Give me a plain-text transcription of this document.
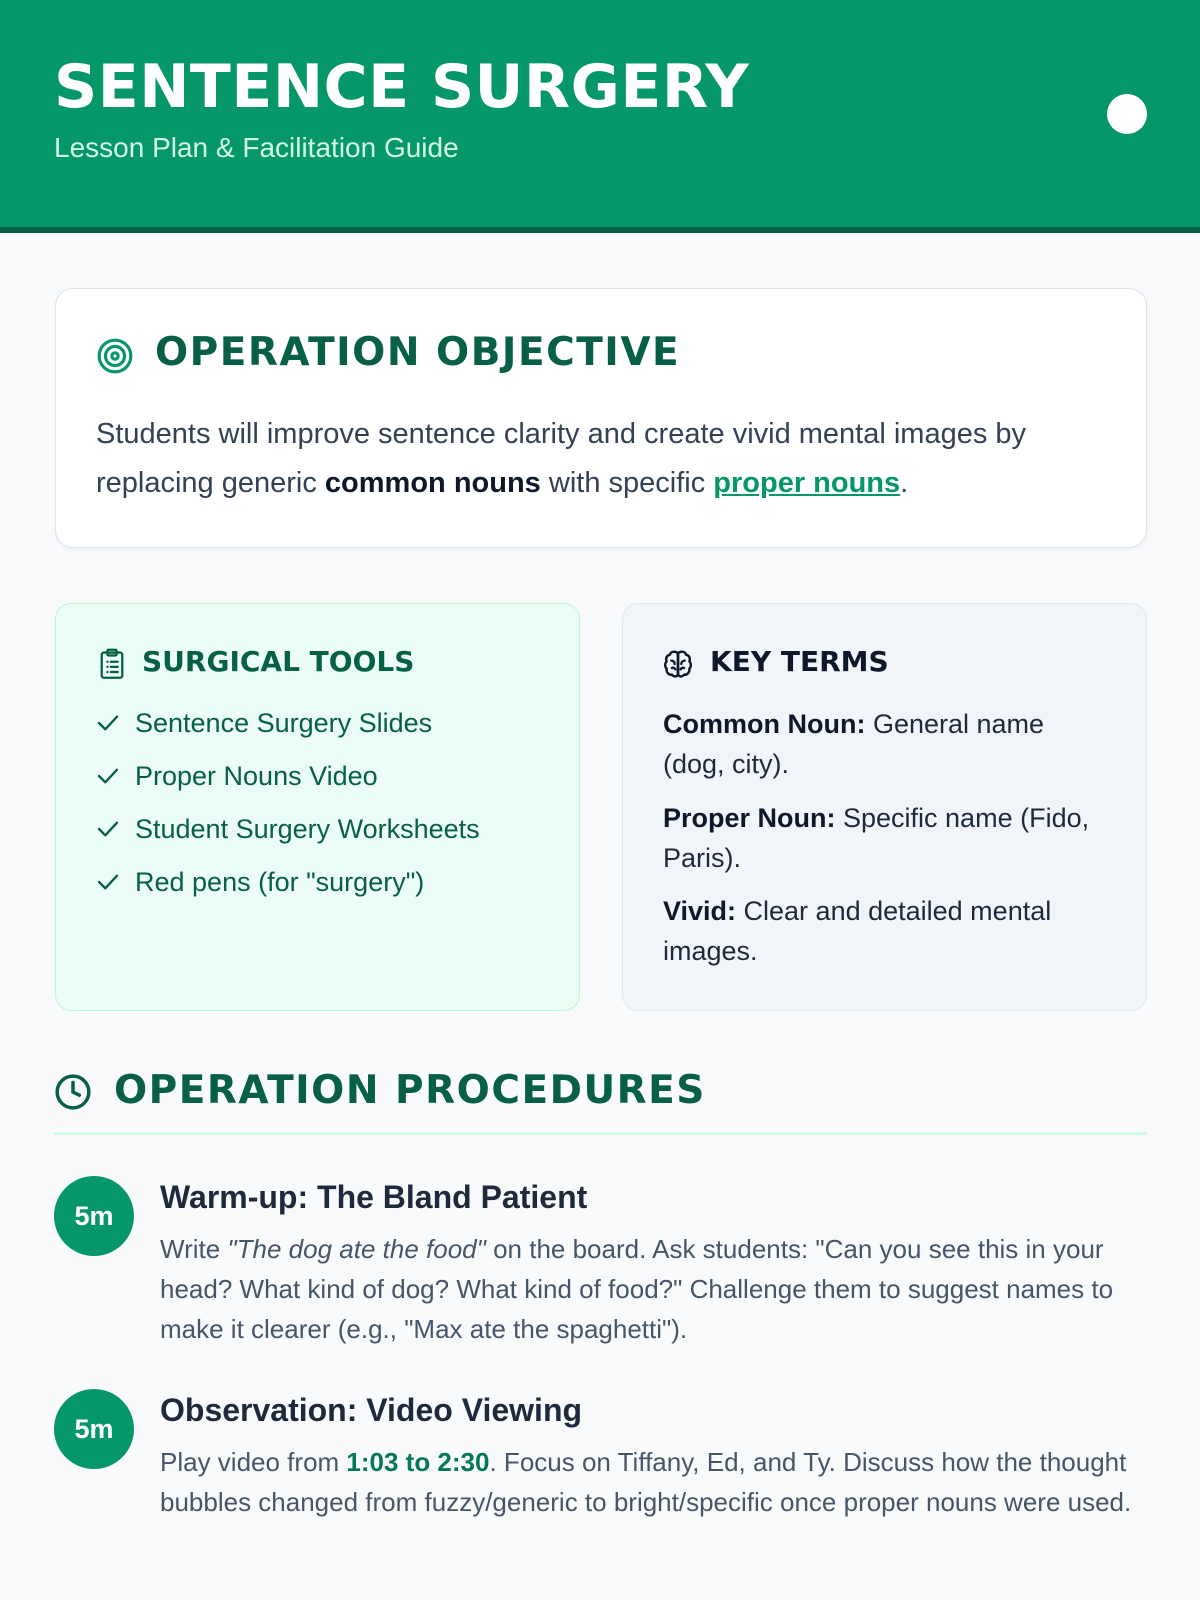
SENTENCE SURGERY
Lesson Plan & Facilitation Guide
OPERATION OBJECTIVE
Students will improve sentence clarity and create vivid mental images by replacing generic common nouns with specific proper nouns.
SURGICAL TOOLS
Sentence Surgery Slides
Proper Nouns Video
Student Surgery Worksheets
Red pens (for "surgery")
KEY TERMS
Common Noun: General name (dog, city).
Proper Noun: Specific name (Fido, Paris).
Vivid: Clear and detailed mental images.
OPERATION PROCEDURES
5m
Warm-up: The Bland Patient
Write "The dog ate the food" on the board. Ask students: "Can you see this in your head? What kind of dog? What kind of food?" Challenge them to suggest names to make it clearer (e.g., "Max ate the spaghetti").
5m
Observation: Video Viewing
Play video from 1:03 to 2:30. Focus on Tiffany, Ed, and Ty. Discuss how the thought bubbles changed from fuzzy/generic to bright/specific once proper nouns were used.
